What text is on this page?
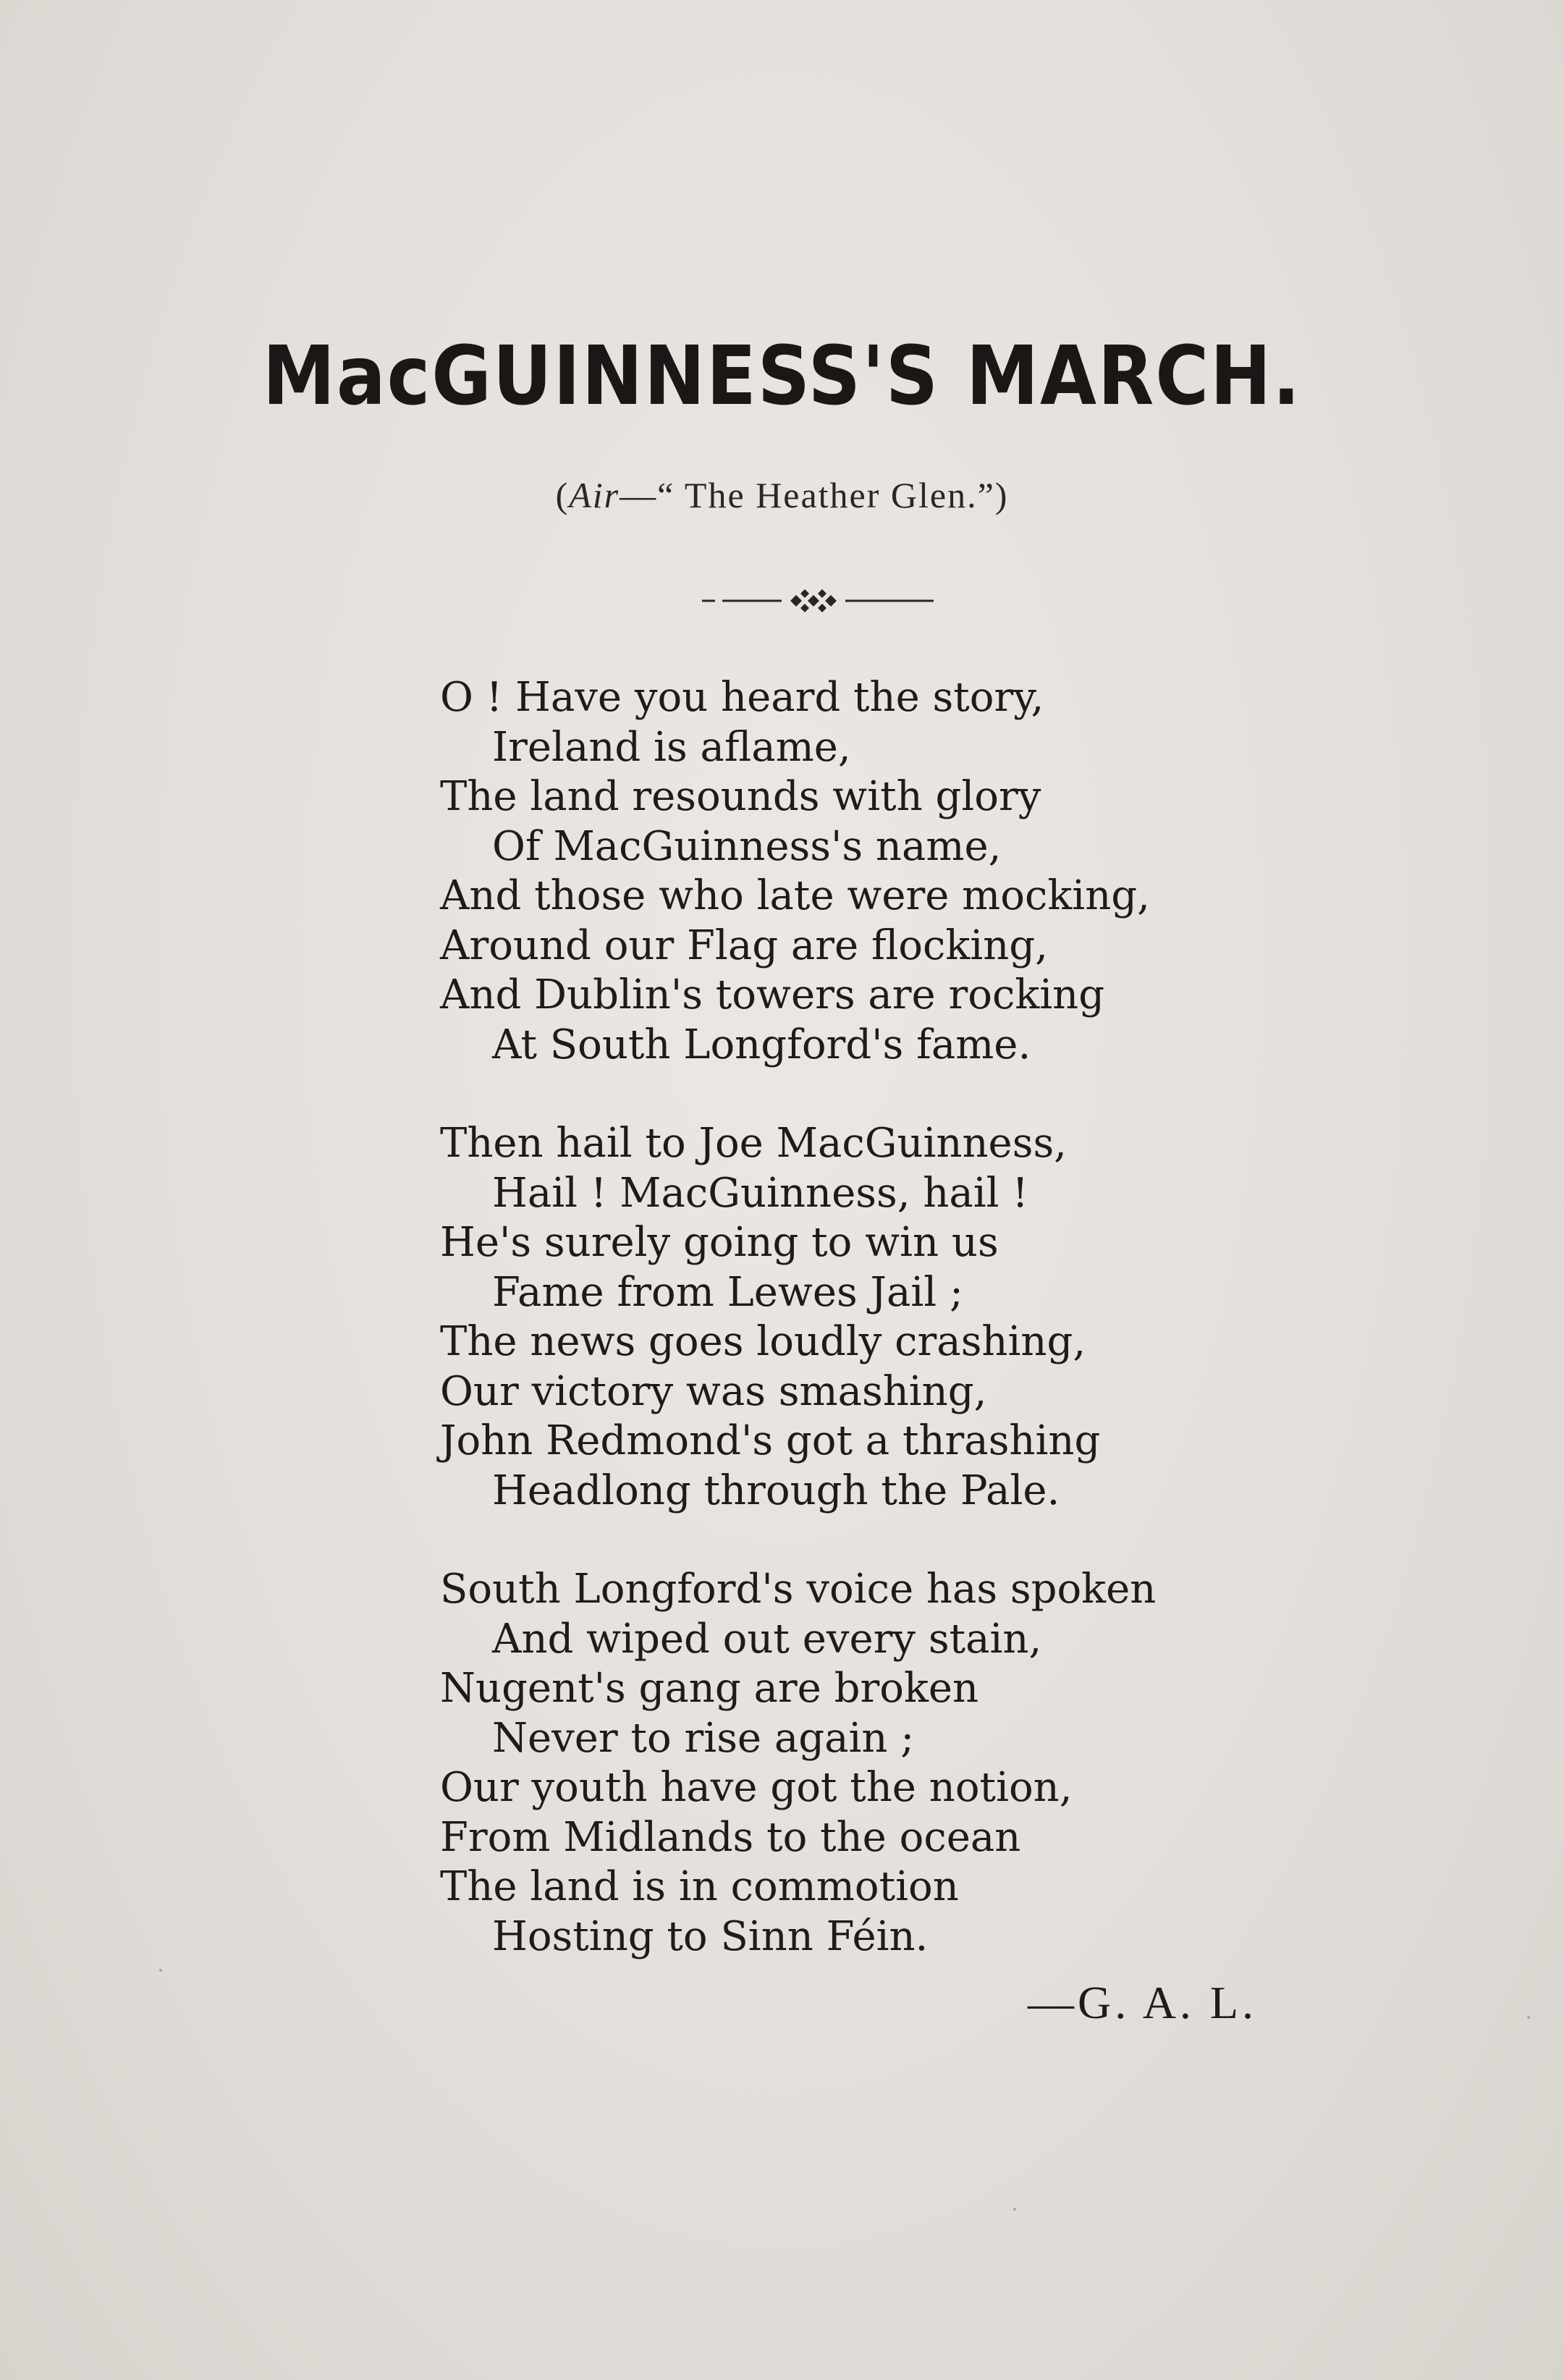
MacGUINNESS'S MARCH.
(Air—“ The Heather Glen.”)
O ! Have you heard the story,
Ireland is aflame,
The land resounds with glory
Of MacGuinness's name,
And those who late were mocking,
Around our Flag are flocking,
And Dublin's towers are rocking
At South Longford's fame.
Then hail to Joe MacGuinness,
Hail ! MacGuinness, hail !
He's surely going to win us
Fame from Lewes Jail ;
The news goes loudly crashing,
Our victory was smashing,
John Redmond's got a thrashing
Headlong through the Pale.
South Longford's voice has spoken
And wiped out every stain,
Nugent's gang are broken
Never to rise again ;
Our youth have got the notion,
From Midlands to the ocean
The land is in commotion
Hosting to Sinn Féin.
—G. A. L.
